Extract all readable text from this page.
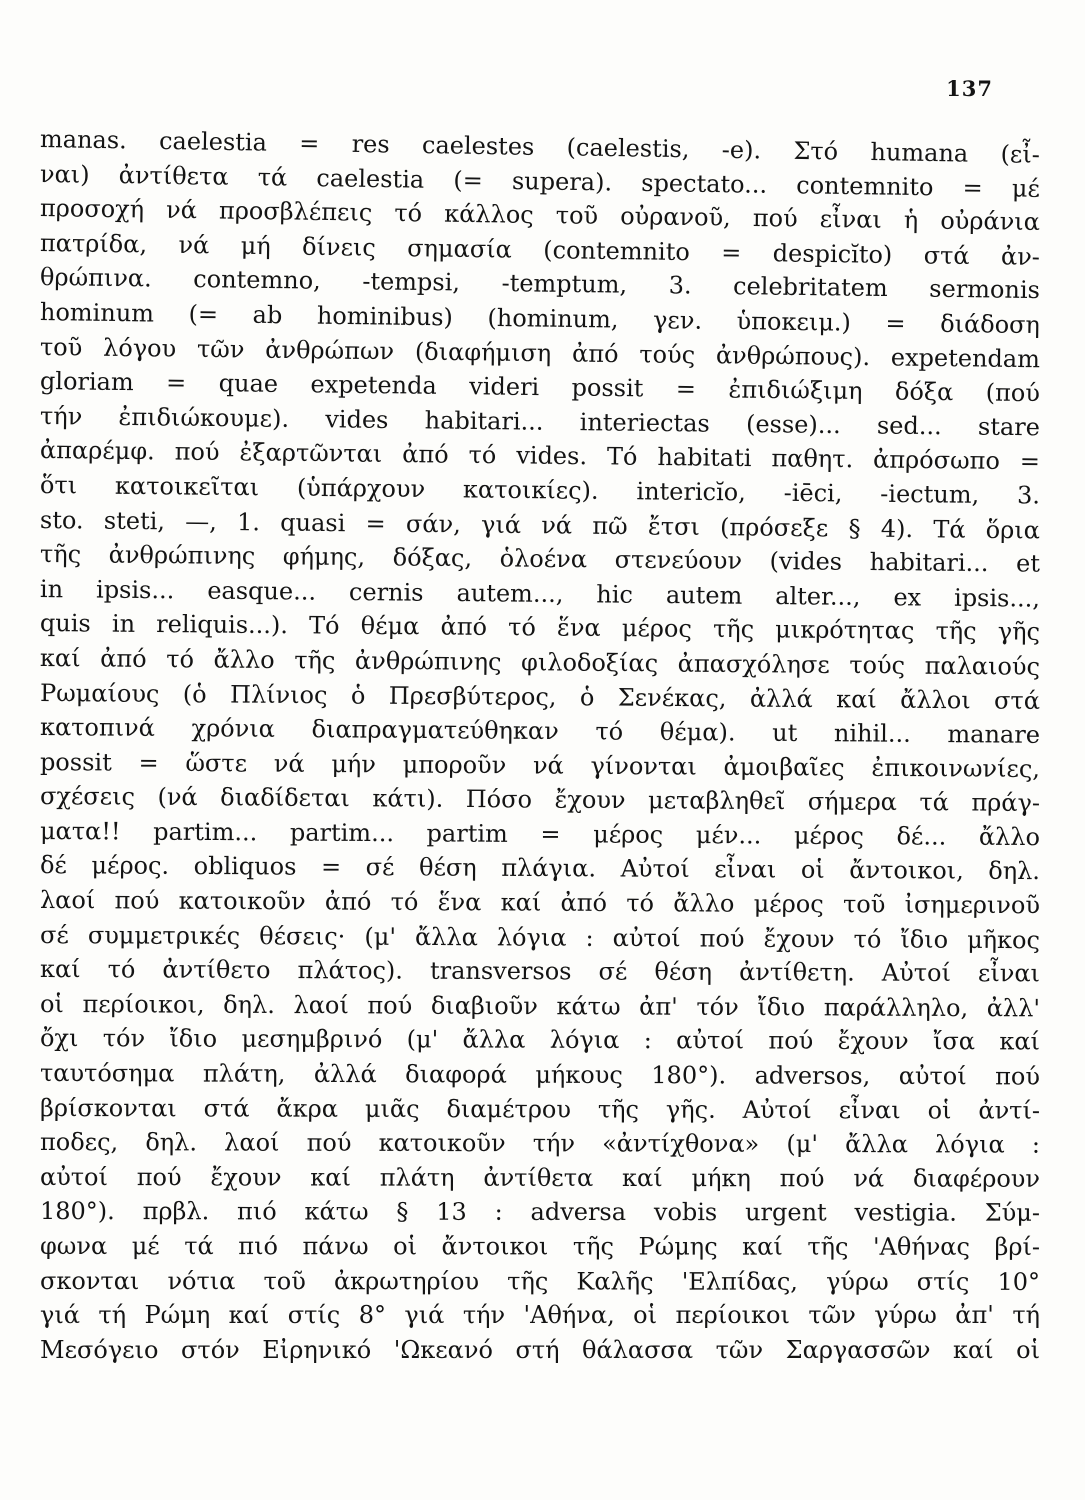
137
manas. caelestia = res caelestes (caelestis, -e). Στό humana (εἶ-
ναι) ἀντίθετα τά caelestia (= supera). spectato... contemnito = μέ
προσοχή νά προσβλέπεις τό κάλλος τοῦ οὐρανοῦ, πού εἶναι ἡ οὐράνια
πατρίδα, νά μή δίνεις σημασία (contemnito = despicĭto) στά ἀν-
θρώπινα. contemno, -tempsi, -temptum, 3. celebritatem sermonis
hominum (= ab hominibus) (hominum, γεν. ὑποκειμ.) = διάδοση
τοῦ λόγου τῶν ἀνθρώπων (διαφήμιση ἀπό τούς ἀνθρώπους). expetendam
gloriam = quae expetenda videri possit = ἐπιδιώξιμη δόξα (πού
τήν ἐπιδιώκουμε). vides habitari... interiectas (esse)... sed... stare
ἀπαρέμφ. πού ἐξαρτῶνται ἀπό τό vides. Τό habitati παθητ. ἀπρόσωπο =
ὅτι κατοικεῖται (ὑπάρχουν κατοικίες). intericĭo, -iēci, -iectum, 3.
sto. steti, —, 1. quasi = σάν, γιά νά πῶ ἔτσι (πρόσεξε § 4). Τά ὅρια
τῆς ἀνθρώπινης φήμης, δόξας, ὁλοένα στενεύουν (vides habitari... et
in ipsis... easque... cernis autem..., hic autem alter..., ex ipsis...,
quis in reliquis...). Τό θέμα ἀπό τό ἕνα μέρος τῆς μικρότητας τῆς γῆς
καί ἀπό τό ἄλλο τῆς ἀνθρώπινης φιλοδοξίας ἀπασχόλησε τούς παλαιούς
Ρωμαίους (ὁ Πλίνιος ὁ Πρεσβύτερος, ὁ Σενέκας, ἀλλά καί ἄλλοι στά
κατοπινά χρόνια διαπραγματεύθηκαν τό θέμα). ut nihil... manare
possit = ὥστε νά μήν μποροῦν νά γίνονται ἀμοιβαῖες ἐπικοινωνίες,
σχέσεις (νά διαδίδεται κάτι). Πόσο ἔχουν μεταβληθεῖ σήμερα τά πράγ-
ματα!! partim... partim... partim = μέρος μέν... μέρος δέ... ἄλλο
δέ μέρος. obliquos = σέ θέση πλάγια. Αὐτοί εἶναι οἱ ἄντοικοι, δηλ.
λαοί πού κατοικοῦν ἀπό τό ἕνα καί ἀπό τό ἄλλο μέρος τοῦ ἰσημερινοῦ
σέ συμμετρικές θέσεις· (μ' ἄλλα λόγια : αὐτοί πού ἔχουν τό ἴδιο μῆκος
καί τό ἀντίθετο πλάτος). transversos σέ θέση ἀντίθετη. Αὐτοί εἶναι
οἱ περίοικοι, δηλ. λαοί πού διαβιοῦν κάτω ἀπ' τόν ἴδιο παράλληλο, ἀλλ'
ὄχι τόν ἴδιο μεσημβρινό (μ' ἄλλα λόγια : αὐτοί πού ἔχουν ἴσα καί
ταυτόσημα πλάτη, ἀλλά διαφορά μήκους 180°). adversos, αὐτοί πού
βρίσκονται στά ἄκρα μιᾶς διαμέτρου τῆς γῆς. Αὐτοί εἶναι οἱ ἀντί-
ποδες, δηλ. λαοί πού κατοικοῦν τήν «ἀντίχθονα» (μ' ἄλλα λόγια :
αὐτοί πού ἔχουν καί πλάτη ἀντίθετα καί μήκη πού νά διαφέρουν
180°). πρβλ. πιό κάτω § 13 : adversa vobis urgent vestigia. Σύμ-
φωνα μέ τά πιό πάνω οἱ ἄντοικοι τῆς Ρώμης καί τῆς 'Αθήνας βρί-
σκονται νότια τοῦ ἀκρωτηρίου τῆς Καλῆς 'Ελπίδας, γύρω στίς 10°
γιά τή Ρώμη καί στίς 8° γιά τήν 'Αθήνα, οἱ περίοικοι τῶν γύρω ἀπ' τή
Μεσόγειο στόν Εἰρηνικό 'Ωκεανό στή θάλασσα τῶν Σαργασσῶν καί οἱ
